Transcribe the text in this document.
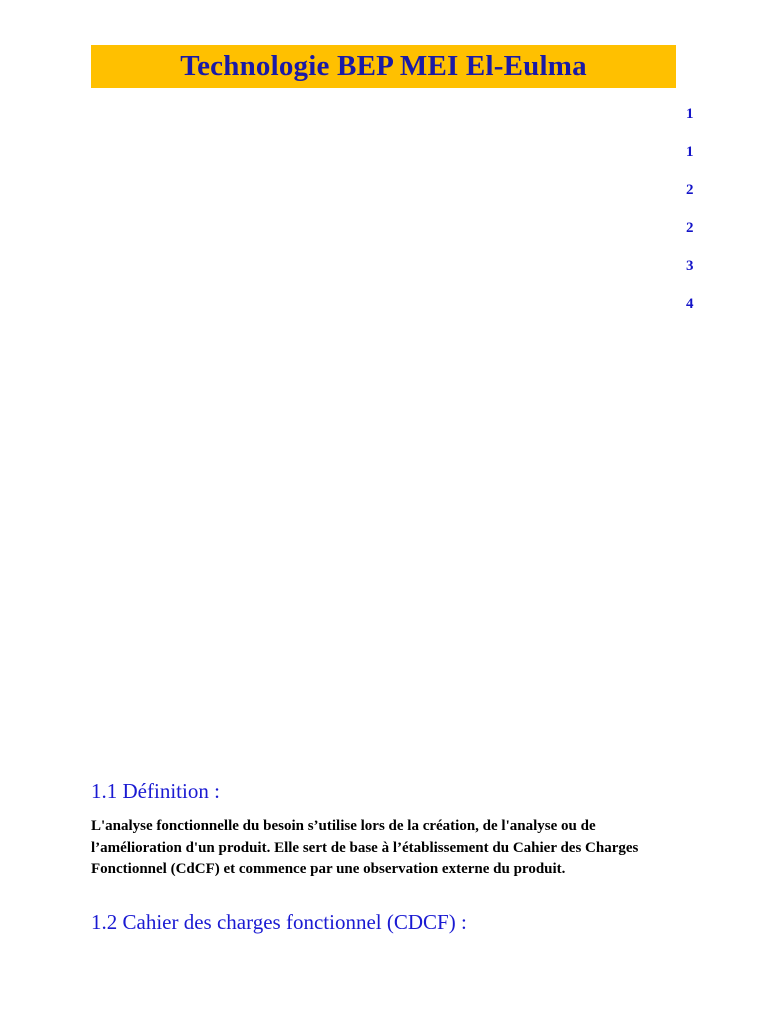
Technologie BEP MEI El-Eulma
1
1
2
2
3
4
1.1 Définition :

L'analyse fonctionnelle du besoin s’utilise lors de la création, de l'analyse ou de l’amélioration d'un produit. Elle sert de base à l’établissement du Cahier des Charges Fonctionnel (CdCF) et commence par une observation externe du produit.

1.2 Cahier des charges fonctionnel (CDCF) :
